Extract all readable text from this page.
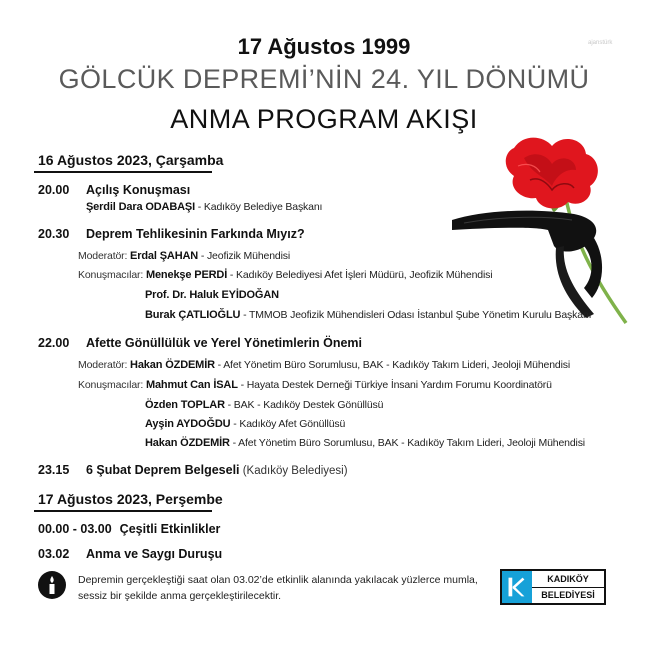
ajanstürk
17 Ağustos 1999
GÖLCÜK DEPREMİ’NİN 24. YIL DÖNÜMÜ
ANMA PROGRAM AKIŞI
16 Ağustos 2023, Çarşamba
20.00 Açılış Konuşması
Şerdil Dara ODABAŞI - Kadıköy Belediye Başkanı
20.30 Deprem Tehlikesinin Farkında Mıyız?
Moderatör: Erdal ŞAHAN - Jeofizik Mühendisi
Konuşmacılar: Menekşe PERDİ - Kadıköy Belediyesi Afet İşleri Müdürü, Jeofizik Mühendisi
Prof. Dr. Haluk EYİDOĞAN
Burak ÇATLIOĞLU - TMMOB Jeofizik Mühendisleri Odası İstanbul Şube Yönetim Kurulu Başkanı
22.00 Afette Gönüllülük ve Yerel Yönetimlerin Önemi
Moderatör: Hakan ÖZDEMİR - Afet Yönetim Büro Sorumlusu, BAK - Kadıköy Takım Lideri, Jeoloji Mühendisi
Konuşmacılar: Mahmut Can İSAL - Hayata Destek Derneği Türkiye İnsani Yardım Forumu Koordinatörü
Özden TOPLAR - BAK - Kadıköy Destek Gönüllüsü
Ayşin AYDOĞDU - Kadıköy Afet Gönüllüsü
Hakan ÖZDEMİR - Afet Yönetim Büro Sorumlusu, BAK - Kadıköy Takım Lideri, Jeoloji Mühendisi
23.15 6 Şubat Deprem Belgeseli (Kadıköy Belediyesi)
17 Ağustos 2023, Perşembe
00.00 - 03.00 Çeşitli Etkinlikler
03.02 Anma ve Saygı Duruşu
Depremin gerçekleştiği saat olan 03.02’de etkinlik alanında yakılacak yüzlerce mumla,
sessiz bir şekilde anma gerçekleştirilecektir.
KADIKÖY
BELEDİYESİ
